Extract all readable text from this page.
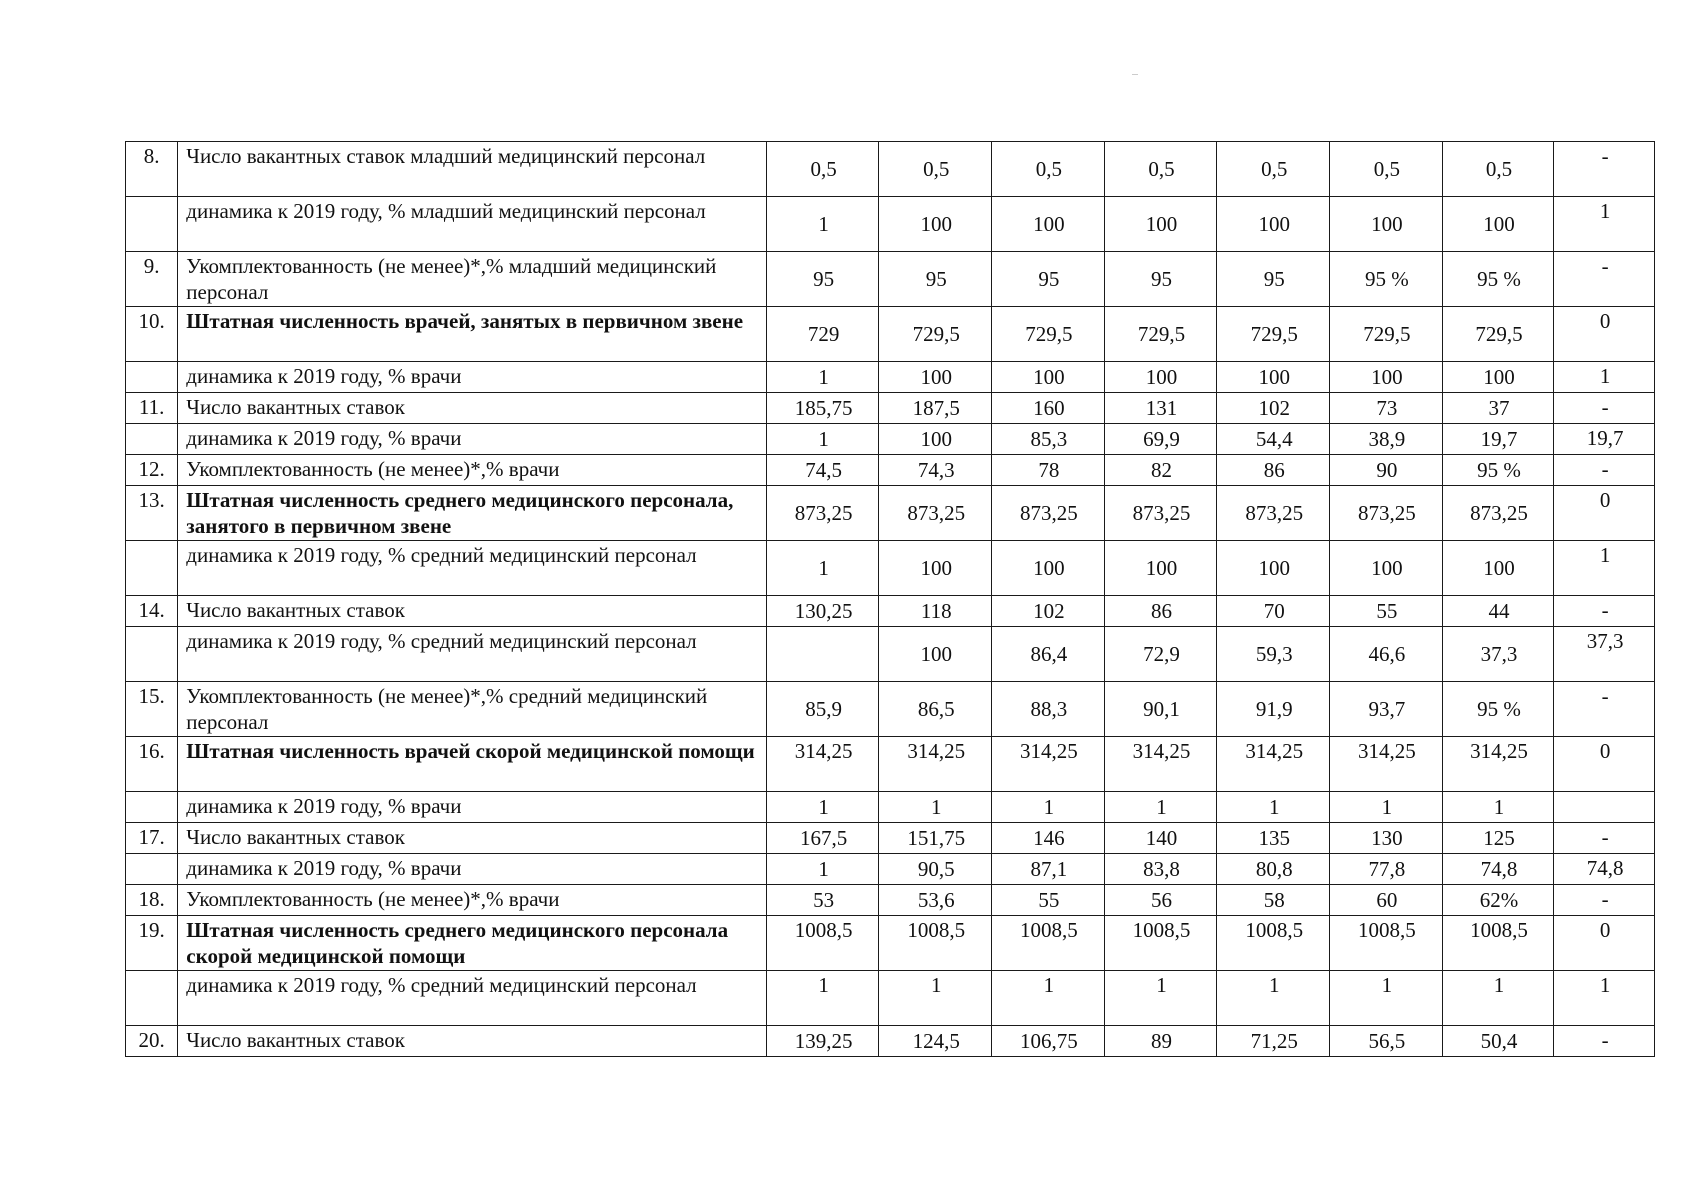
8.	Число вакантных ставок младший медицинский персонал	0,5	0,5	0,5	0,5	0,5	0,5	0,5	-
	динамика к 2019 году, % младший медицинский персонал	1	100	100	100	100	100	100	1
9.	Укомплектованность (не менее)*,% младший медицинский персонал	95	95	95	95	95	95 %	95 %	-
10.	Штатная численность врачей, занятых в первичном звене	729	729,5	729,5	729,5	729,5	729,5	729,5	0
	динамика к 2019 году, % врачи	1	100	100	100	100	100	100	1
11.	Число вакантных ставок	185,75	187,5	160	131	102	73	37	-
	динамика к 2019 году, % врачи	1	100	85,3	69,9	54,4	38,9	19,7	19,7
12.	Укомплектованность (не менее)*,% врачи	74,5	74,3	78	82	86	90	95 %	-
13.	Штатная численность среднего медицинского персонала, занятого в первичном звене	873,25	873,25	873,25	873,25	873,25	873,25	873,25	0
	динамика к 2019 году, % средний медицинский персонал	1	100	100	100	100	100	100	1
14.	Число вакантных ставок	130,25	118	102	86	70	55	44	-
	динамика к 2019 году, % средний медицинский персонал		100	86,4	72,9	59,3	46,6	37,3	37,3
15.	Укомплектованность (не менее)*,% средний медицинский персонал	85,9	86,5	88,3	90,1	91,9	93,7	95 %	-
16.	Штатная численность врачей скорой медицинской помощи	314,25	314,25	314,25	314,25	314,25	314,25	314,25	0
	динамика к 2019 году, % врачи	1	1	1	1	1	1	1	
17.	Число вакантных ставок	167,5	151,75	146	140	135	130	125	-
	динамика к 2019 году, % врачи	1	90,5	87,1	83,8	80,8	77,8	74,8	74,8
18.	Укомплектованность (не менее)*,% врачи	53	53,6	55	56	58	60	62%	-
19.	Штатная численность среднего медицинского персонала скорой медицинской помощи	1008,5	1008,5	1008,5	1008,5	1008,5	1008,5	1008,5	0
	динамика к 2019 году, % средний медицинский персонал	1	1	1	1	1	1	1	1
20.	Число вакантных ставок	139,25	124,5	106,75	89	71,25	56,5	50,4	-
